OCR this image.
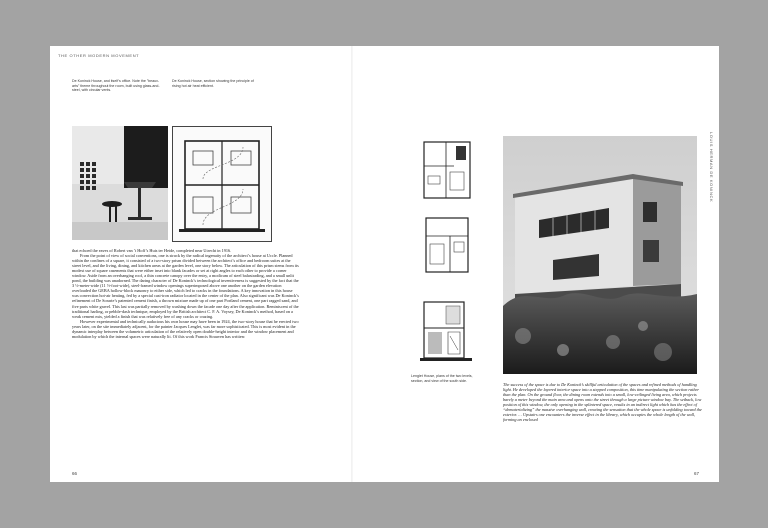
THE OTHER MODERN MOVEMENT
De Koninck House, and itself’s office. Note the "beaux-arts" theme throughout the room, built using glass-and-steel, with circular vents.
De Koninck House, section showing the principle of rising hot air heat efficient.

that echoed the eaves of Robert van ’t Hoff’s Huis ter Heide, completed near Utrecht in 1916.

From the point of view of social conventions, one is struck by the radical ingenuity of the architect’s house at Uccle. Planned within the confines of a square, it consisted of a two-story prism divided between the architect’s office and bedroom suites at the street level, and the living, dining, and kitchen areas at the garden level, one story below. The articulation of this prism stems from its modest use of square casements that were either inset into blank facades or set at right angles to each other to provide a corner window. Aside from an overhanging roof, a thin concrete canopy over the entry, a modicum of steel balustrading, and a small unlit pond, the building was unadorned. The daring character of De Koninck’s technological inventiveness is suggested by the fact that the 3 ½-meter-wide (11 ½-foot-wide), steel-framed window openings superimposed above one another on the garden elevation overloaded the GEBA hollow-block masonry to either side, which led to cracks in the foundations. A key innovation in this house was convection hot-air heating, fed by a special cast-iron radiator located in the center of the plan. Also significant was De Koninck’s refinement of De Sorarie’s patented cement finish, a thrown mixture made up of one part Portland cement, one part ragged sand, and five parts white gravel. This last was partially removed by washing down the facade one day after the application. Reminiscent of the traditional harling, or pebble-dash technique, employed by the British architect C. F. A. Voysey, De Koninck’s method, based on a weak cement mix, yielded a finish that was relatively free of any cracks or crazing.

However experimental and technically audacious his own house may have been in 1924, the two-story house that he erected two years later, on the site immediately adjacent, for the painter Jacques Lenglet, was far more sophisticated. This is most evident in the dynamic interplay between the volumetric articulation of the relatively open double-height interior and the window placement and modulation by which the internal spaces were naturally lit. Of this work Francis Strauven has written:

66
LOUIS HERMAN DE KONINCK
Lenglet House, plans of the two levels, section, and view of the south side.

The success of the space is due to De Koninck’s skillful articulation of the spaces and refined methods of handling light. He developed the layered interior space into a stepped composition, this time manipulating the section rather than the plan. On the ground floor, the dining room extends into a small, low-ceilinged living area, which projects barely a meter beyond the main area and opens onto the street through a large picture window bay. The setback, low position of this window, the only opening in the splintered space, results in an indirect light which has the effect of “dematerializing” the massive overhanging wall, creating the sensation that the whole space is unfolding toward the exterior. … Upstairs one encounters the inverse effect in the library, which occupies the whole length of the wall, forming an enclosed

67
